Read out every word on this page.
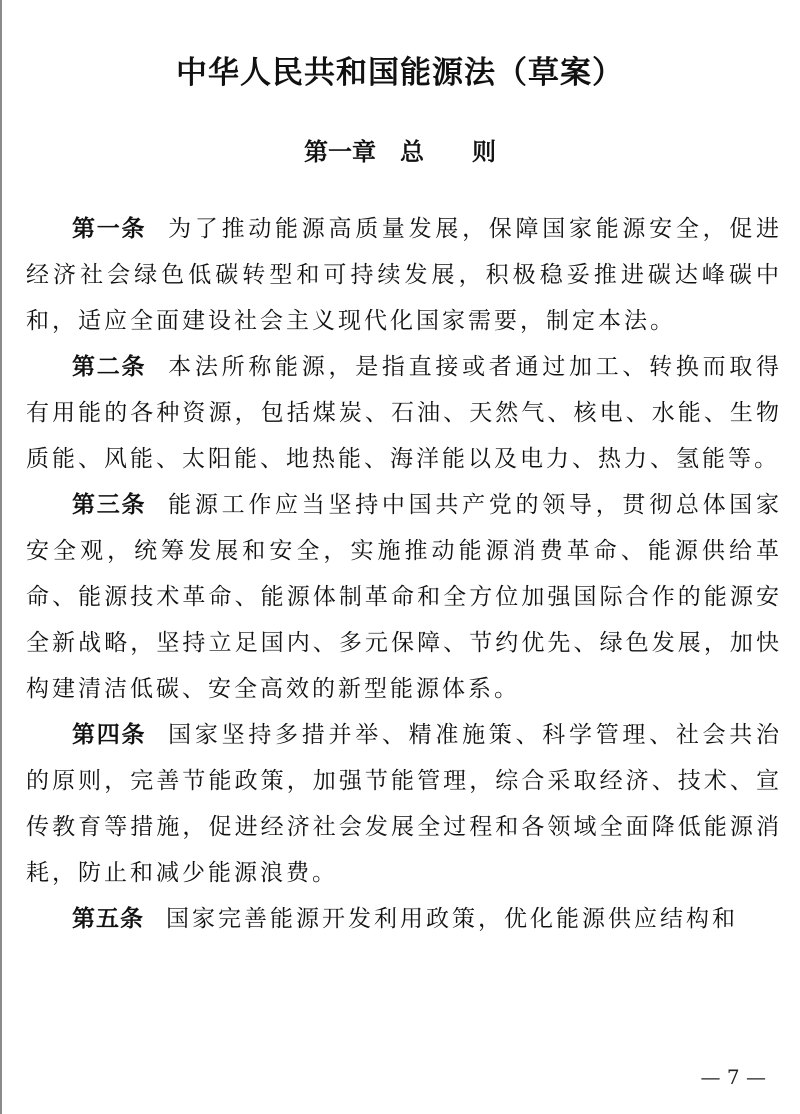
中华人民共和国能源法（草案）
第一章　总　　则

第一条 为了推动能源高质量发展，保障国家能源安全，促进经济社会绿色低碳转型和可持续发展，积极稳妥推进碳达峰碳中和，适应全面建设社会主义现代化国家需要，制定本法。

第二条 本法所称能源，是指直接或者通过加工、转换而取得有用能的各种资源，包括煤炭、石油、天然气、核电、水能、生物质能、风能、太阳能、地热能、海洋能以及电力、热力、氢能等。

第三条 能源工作应当坚持中国共产党的领导，贯彻总体国家安全观，统筹发展和安全，实施推动能源消费革命、能源供给革命、能源技术革命、能源体制革命和全方位加强国际合作的能源安全新战略，坚持立足国内、多元保障、节约优先、绿色发展，加快构建清洁低碳、安全高效的新型能源体系。

第四条 国家坚持多措并举、精准施策、科学管理、社会共治的原则，完善节能政策，加强节能管理，综合采取经济、技术、宣传教育等措施，促进经济社会发展全过程和各领域全面降低能源消耗，防止和减少能源浪费。

第五条 国家完善能源开发利用政策，优化能源供应结构和

— 7 —
